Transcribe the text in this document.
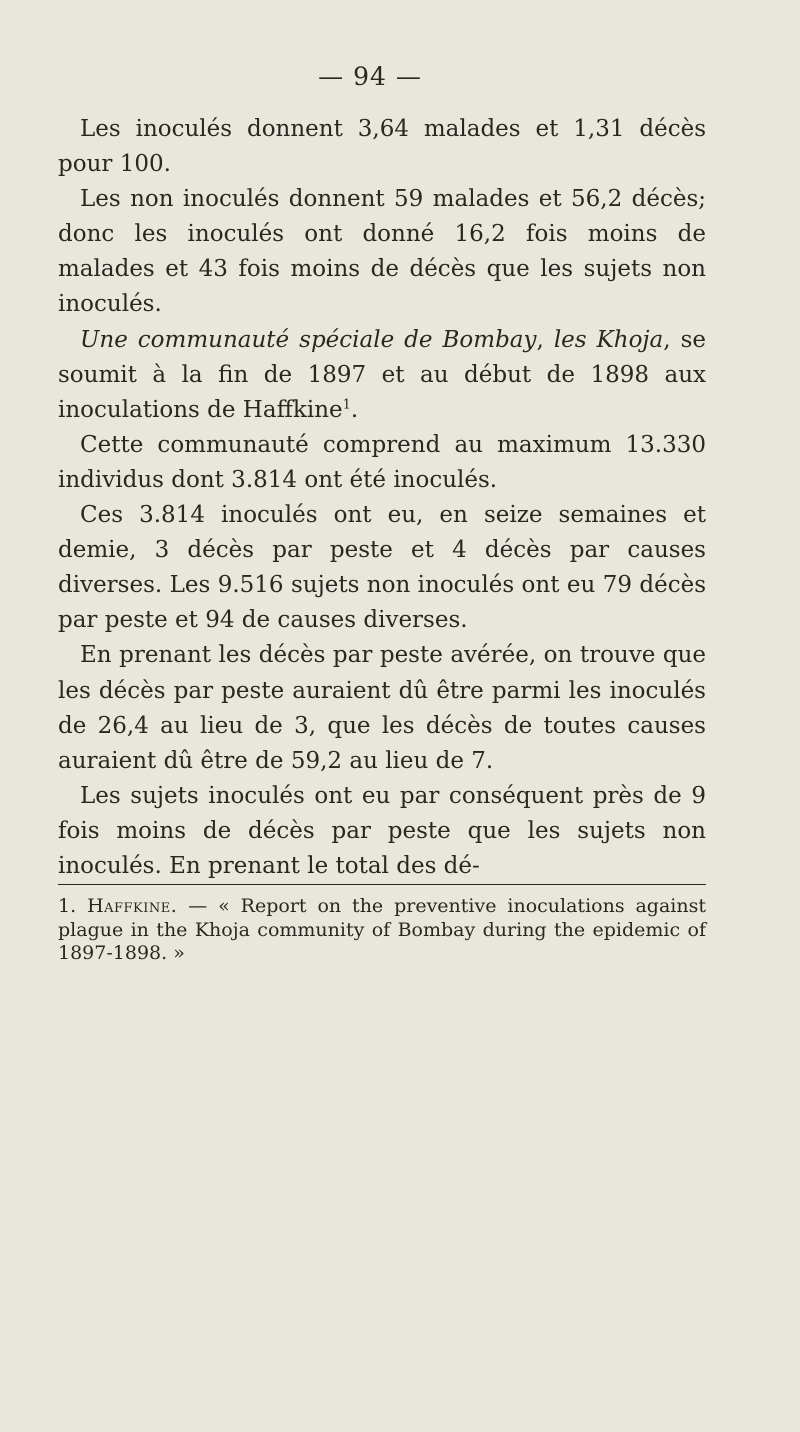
— 94 —

Les inoculés donnent 3,64 malades et 1,31 décès pour 100.

Les non inoculés donnent 59 malades et 56,2 décès; donc les inoculés ont donné 16,2 fois moins de malades et 43 fois moins de décès que les sujets non inoculés.

Une communauté spéciale de Bombay, les Khoja, se soumit à la fin de 1897 et au début de 1898 aux inoculations de Haffkine$^1$.

Cette communauté comprend au maximum 13.330 individus dont 3.814 ont été inoculés.

Ces 3.814 inoculés ont eu, en seize semaines et demie, 3 décès par peste et 4 décès par causes diverses. Les 9.516 sujets non inoculés ont eu 79 décès par peste et 94 de causes diverses.

En prenant les décès par peste avérée, on trouve que les décès par peste auraient dû être parmi les inoculés de 26,4 au lieu de 3, que les décès de toutes causes auraient dû être de 59,2 au lieu de 7.

Les sujets inoculés ont eu par conséquent près de 9 fois moins de décès par peste que les sujets non inoculés. En prenant le total des dé-

1. Haffkine. — « Report on the preventive inoculations against plague in the Khoja community of Bombay during the epidemic of 1897-1898. »
